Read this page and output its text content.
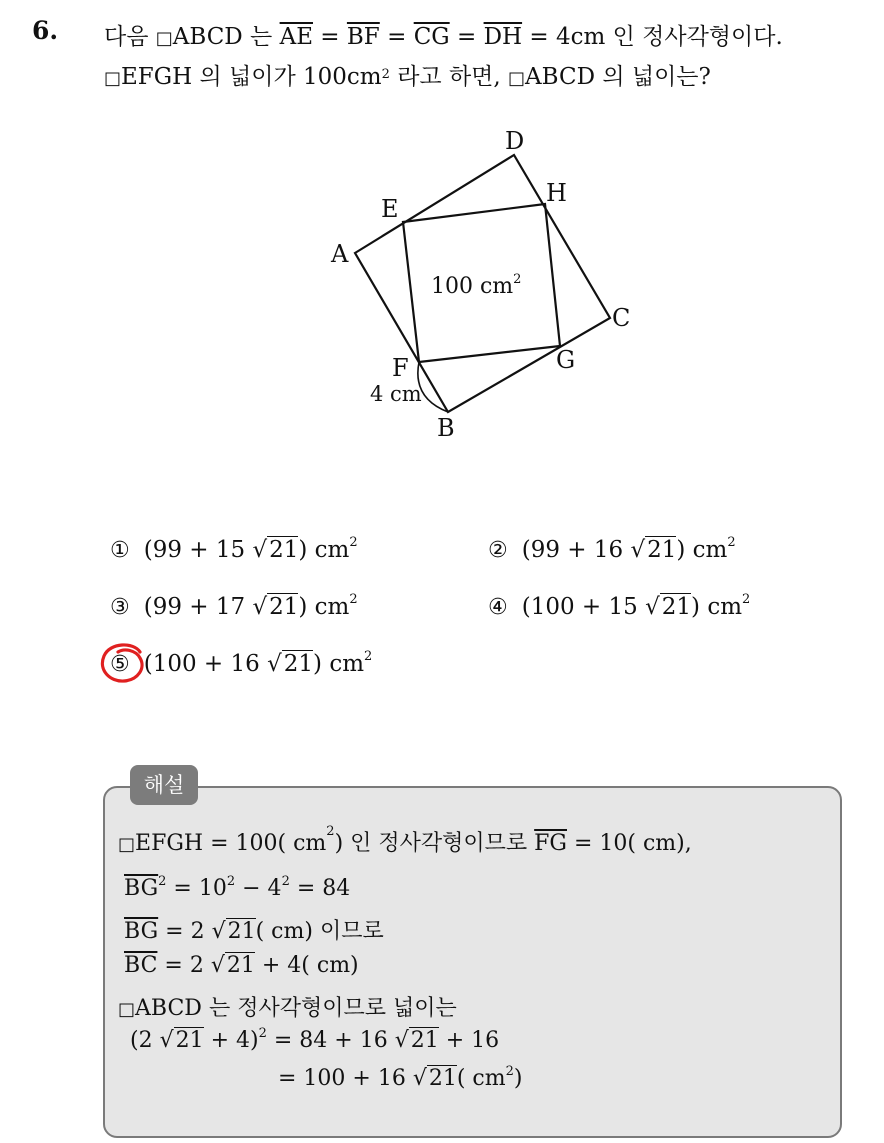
6. 다음 □ABCD 는 $\overline{AE} = \overline{BF} = \overline{CG} = \overline{DH} = 4cm$ 인 정사각형이다.
□EFGH 의 넓이가 $100cm^2$ 라고 하면, □ABCD 의 넓이는?
A
B
C
D
E
F	G
H
100 $cm^2$
4 cm
① (99 + 15 √21) $cm^2$	② (99 + 16 √21) $cm^2$
③ (99 + 17 √21) $cm^2$	④ (100 + 15 √21) $cm^2$
⑤ (100 + 16 √21) $cm^2$
해설
□EFGH = 100( $cm^2$) 인 정사각형이므로 $\overline{FG} = 10$( cm),
$\overline{BG}^2 = 10^2 - 4^2 = 84$
$\overline{BG} = 2$ √21( cm) 이므로
$\overline{BC} = 2$ √21 + 4( cm)
□ABCD 는 정사각형이므로 넓이는
(2 √21 + 4)$^2$ = 84 + 16 √21 + 16
= 100 + 16 √21( $cm^2$)
